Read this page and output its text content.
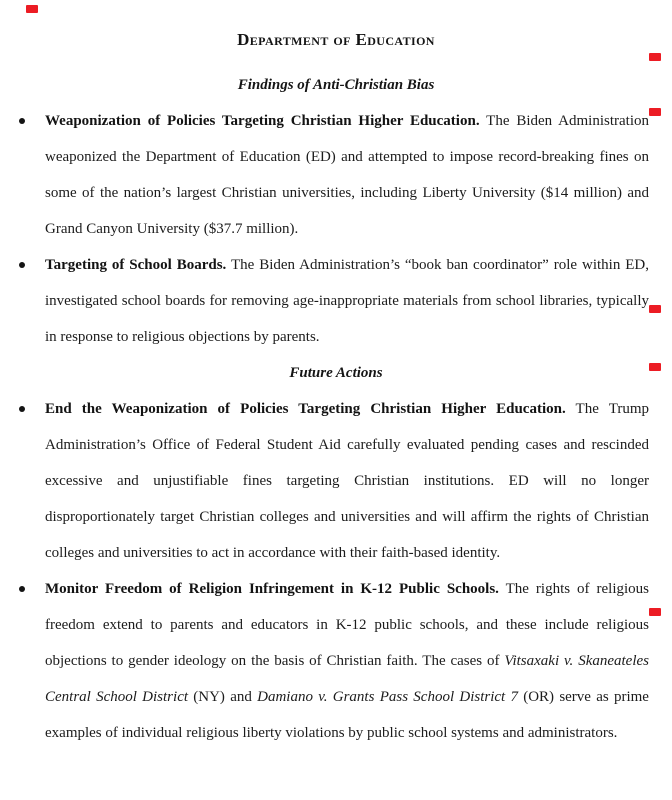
Department of Education
Findings of Anti-Christian Bias

Weaponization of Policies Targeting Christian Higher Education. The Biden Administration weaponized the Department of Education (ED) and attempted to impose record-breaking fines on some of the nation’s largest Christian universities, including Liberty University ($14 million) and Grand Canyon University ($37.7 million).

Targeting of School Boards. The Biden Administration’s “book ban coordinator” role within ED, investigated school boards for removing age-inappropriate materials from school libraries, typically in response to religious objections by parents.

Future Actions

End the Weaponization of Policies Targeting Christian Higher Education. The Trump Administration’s Office of Federal Student Aid carefully evaluated pending cases and rescinded excessive and unjustifiable fines targeting Christian institutions. ED will no longer disproportionately target Christian colleges and universities and will affirm the rights of Christian colleges and universities to act in accordance with their faith-based identity.

Monitor Freedom of Religion Infringement in K-12 Public Schools. The rights of religious freedom extend to parents and educators in K-12 public schools, and these include religious objections to gender ideology on the basis of Christian faith. The cases of Vitsaxaki v. Skaneateles Central School District (NY) and Damiano v. Grants Pass School District 7 (OR) serve as prime examples of individual religious liberty violations by public school systems and administrators.
